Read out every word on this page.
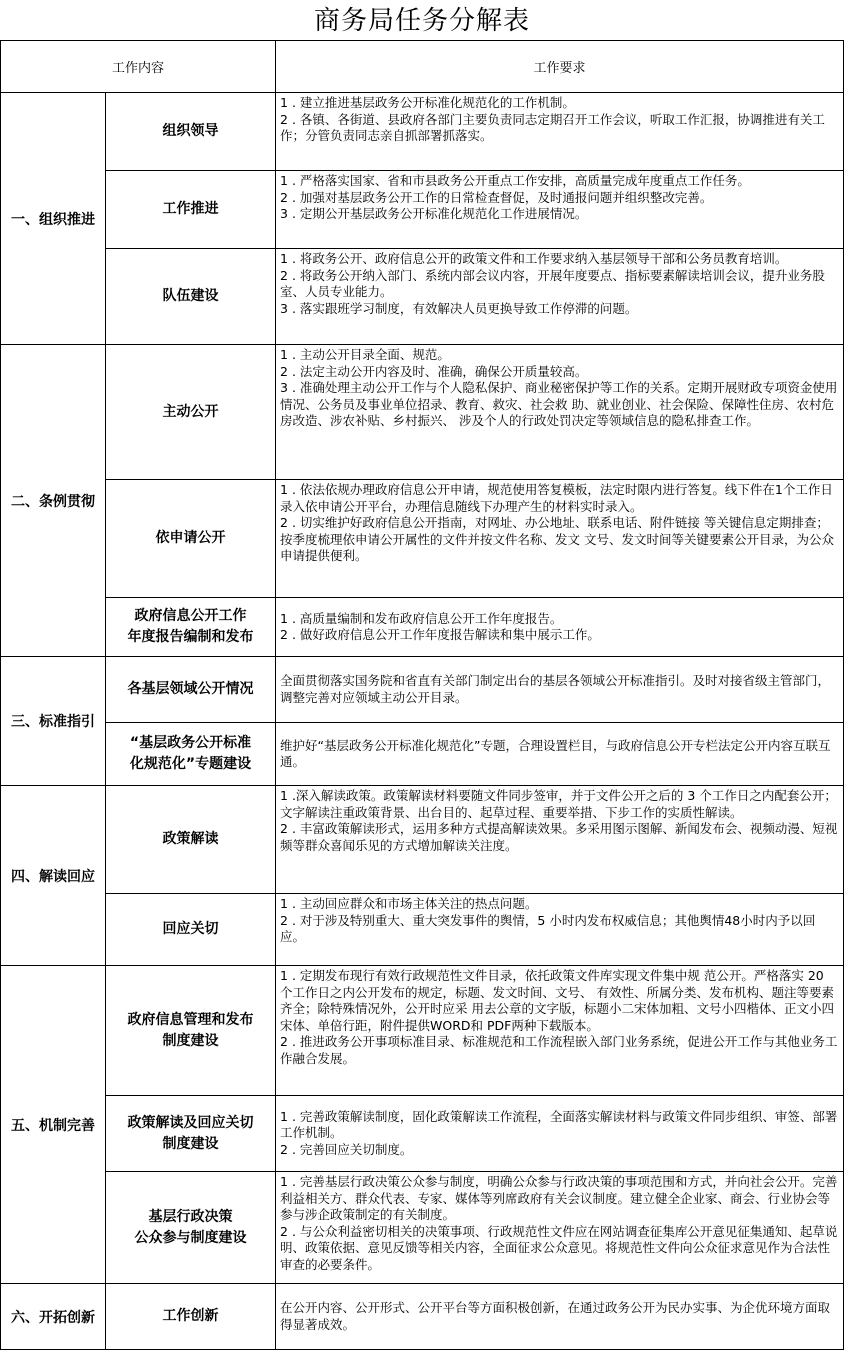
商务局任务分解表
工作内容		工作要求
一、组织推进	组织领导	1 . 建立推进基层政务公开标准化规范化的工作机制。
2 . 各镇、各街道、县政府各部门主要负责同志定期召开工作会议，听取工作汇报，协调推进有关工作；分管负责同志亲自抓部署抓落实。

	工作推进	1 . 严格落实国家、省和市县政务公开重点工作安排，高质量完成年度重点工作任务。
2 . 加强对基层政务公开工作的日常检查督促，及时通报问题并组织整改完善。
3 . 定期公开基层政务公开标准化规范化工作进展情况。

	队伍建设	1 . 将政务公开、政府信息公开的政策文件和工作要求纳入基层领导干部和公务员教育培训。
2 . 将政务公开纳入部门、系统内部会议内容，开展年度要点、指标要素解读培训会议，提升业务股室、人员专业能力。
3 . 落实跟班学习制度，有效解决人员更换导致工作停滞的问题。

二、条例贯彻	主动公开	1 . 主动公开目录全面、规范。
2 . 法定主动公开内容及时、准确，确保公开质量较高。
3 . 准确处理主动公开工作与个人隐私保护、商业秘密保护等工作的关系。定期开展财政专项资金使用情况、公务员及事业单位招录、教育、救灾、社会救 助、就业创业、社会保险、保障性住房、农村危房改造、涉农补贴、乡村振兴、 涉及个人的行政处罚决定等领域信息的隐私排查工作。

	依申请公开	1 . 依法依规办理政府信息公开申请，规范使用答复模板，法定时限内进行答复。线下件在1个工作日录入依申请公开平台，办理信息随线下办理产生的材料实时录入。
2 . 切实维护好政府信息公开指南，对网址、办公地址、联系电话、附件链接 等关键信息定期排查；按季度梳理依申请公开属性的文件并按文件名称、发文 文号、发文时间等关键要素公开目录，为公众申请提供便利。

	政府信息公开工作
年度报告编制和发布	1 . 高质量编制和发布政府信息公开工作年度报告。
2 . 做好政府信息公开工作年度报告解读和集中展示工作。

三、标准指引	各基层领域公开情况	全面贯彻落实国务院和省直有关部门制定出台的基层各领域公开标准指引。及时对接省级主管部门，调整完善对应领域主动公开目录。

	“基层政务公开标准
化规范化”专题建设	维护好“基层政务公开标准化规范化”专题，合理设置栏目，与政府信息公开专栏法定公开内容互联互通。

四、解读回应	政策解读	1 .深入解读政策。政策解读材料要随文件同步签审，并于文件公开之后的 3 个工作日之内配套公开；文字解读注重政策背景、出台目的、起草过程、重要举措、下步工作的实质性解读。
2 . 丰富政策解读形式，运用多种方式提高解读效果。多采用图示图解、新闻发布会、视频动漫、短视频等群众喜闻乐见的方式增加解读关注度。

	回应关切	1 . 主动回应群众和市场主体关注的热点问题。
2 . 对于涉及特别重大、重大突发事件的舆情，5 小时内发布权威信息；其他舆情48小时内予以回应。

五、机制完善	政府信息管理和发布
制度建设	1 . 定期发布现行有效行政规范性文件目录，依托政策文件库实现文件集中规 范公开。严格落实 20 个工作日之内公开发布的规定，标题、发文时间、文号、 有效性、所属分类、发布机构、题注等要素齐全；除特殊情况外，公开时应采 用去公章的文字版，标题小二宋体加粗、文号小四楷体、正文小四宋体、单倍行距，附件提供WORD和 PDF两种下载版本。
2 . 推进政务公开事项标准目录、标准规范和工作流程嵌入部门业务系统，促进公开工作与其他业务工作融合发展。

	政策解读及回应关切
制度建设	1 . 完善政策解读制度，固化政策解读工作流程，全面落实解读材料与政策文件同步组织、审签、部署工作机制。
2 . 完善回应关切制度。

	基层行政决策
公众参与制度建设	1 . 完善基层行政决策公众参与制度，明确公众参与行政决策的事项范围和方式，并向社会公开。完善利益相关方、群众代表、专家、媒体等列席政府有关会议制度。建立健全企业家、商会、行业协会等参与涉企政策制定的有关制度。
2 . 与公众利益密切相关的决策事项、行政规范性文件应在网站调查征集库公开意见征集通知、起草说明、政策依据、意见反馈等相关内容，全面征求公众意见。将规范性文件向公众征求意见作为合法性审查的必要条件。

六、开拓创新	工作创新	在公开内容、公开形式、公开平台等方面积极创新，在通过政务公开为民办实事、为企优环境方面取得显著成效。
